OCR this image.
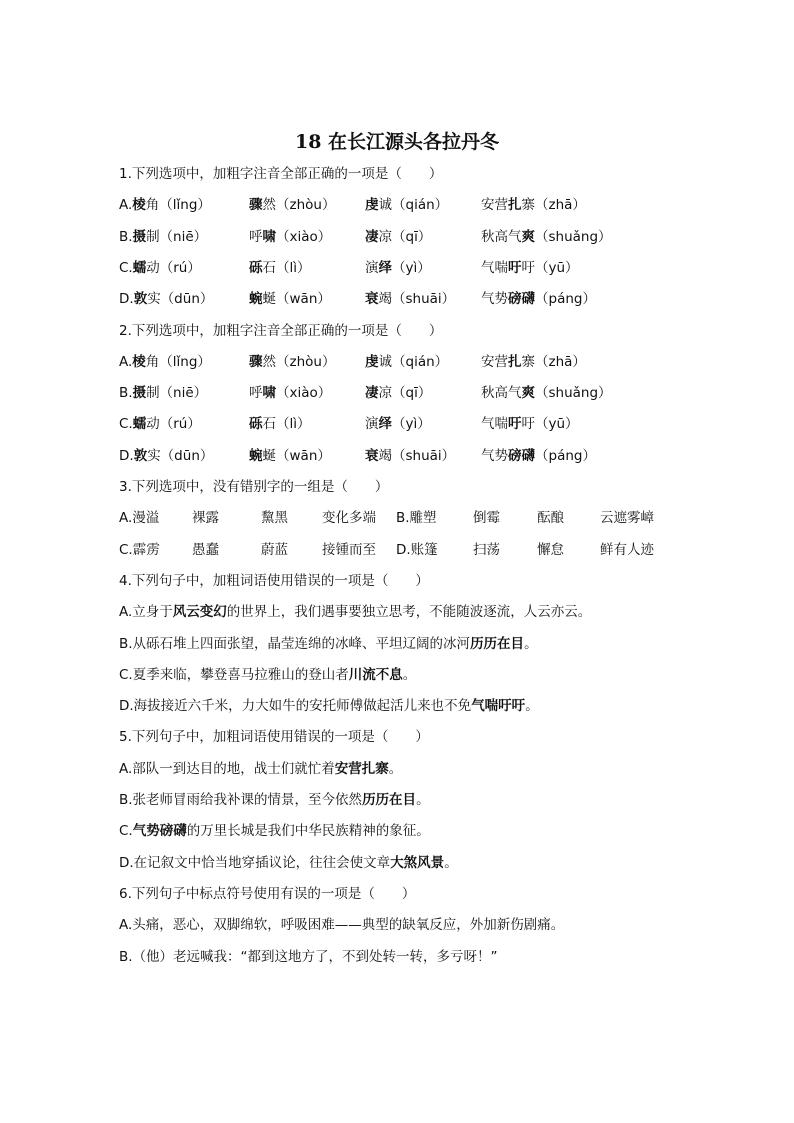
18 在长江源头各拉丹冬
1.下列选项中，加粗字注音全部正确的一项是（　　）
A.棱角（lǐng）	骤然（zhòu） 虔诚（qián） 安营扎寨（zhā）
B.摄制（niē）	呼啸（xiào） 凄凉（qī）	秋高气爽（shuǎng）
C.蠕动（rú）	砾石（lì）	演绎（yì）	气喘吁吁（yū）
D.敦实（dūn）	蜿蜒（wān）	衰竭（shuāi） 气势磅礴（páng）
2.下列选项中，加粗字注音全部正确的一项是（　　）
A.棱角（lǐng）	骤然（zhòu） 虔诚（qián） 安营扎寨（zhā）
B.摄制（niē）	呼啸（xiào） 凄凉（qī）	秋高气爽（shuǎng）
C.蠕动（rú）	砾石（lì）	演绎（yì）	气喘吁吁（yū）
D.敦实（dūn）	蜿蜒（wān）	衰竭（shuāi） 气势磅礴（páng）
3.下列选项中，没有错别字的一组是（　　）
A.漫溢 裸露	黧黑	变化多端 B.雕塑	倒霉	酝酿	云遮雾嶂
C.霹雳 愚蠢	蔚蓝	接锺而至 D.账篷	扫荡	懈怠	鲜有人迹
4.下列句子中，加粗词语使用错误的一项是（　　）
A.立身于风云变幻的世界上，我们遇事要独立思考，不能随波逐流，人云亦云。
B.从砾石堆上四面张望，晶莹连绵的冰峰、平坦辽阔的冰河历历在目。
C.夏季来临，攀登喜马拉雅山的登山者川流不息。
D.海拔接近六千米，力大如牛的安托师傅做起活儿来也不免气喘吁吁。
5.下列句子中，加粗词语使用错误的一项是（　　）
A.部队一到达目的地，战士们就忙着安营扎寨。
B.张老师冒雨给我补课的情景，至今依然历历在目。
C.气势磅礴的万里长城是我们中华民族精神的象征。
D.在记叙文中恰当地穿插议论，往往会使文章大煞风景。
6.下列句子中标点符号使用有误的一项是（　　）
A.头痛，恶心，双脚绵软，呼吸困难——典型的缺氧反应，外加新伤剧痛。
B.（他）老远喊我：“都到这地方了，不到处转一转，多亏呀！”
